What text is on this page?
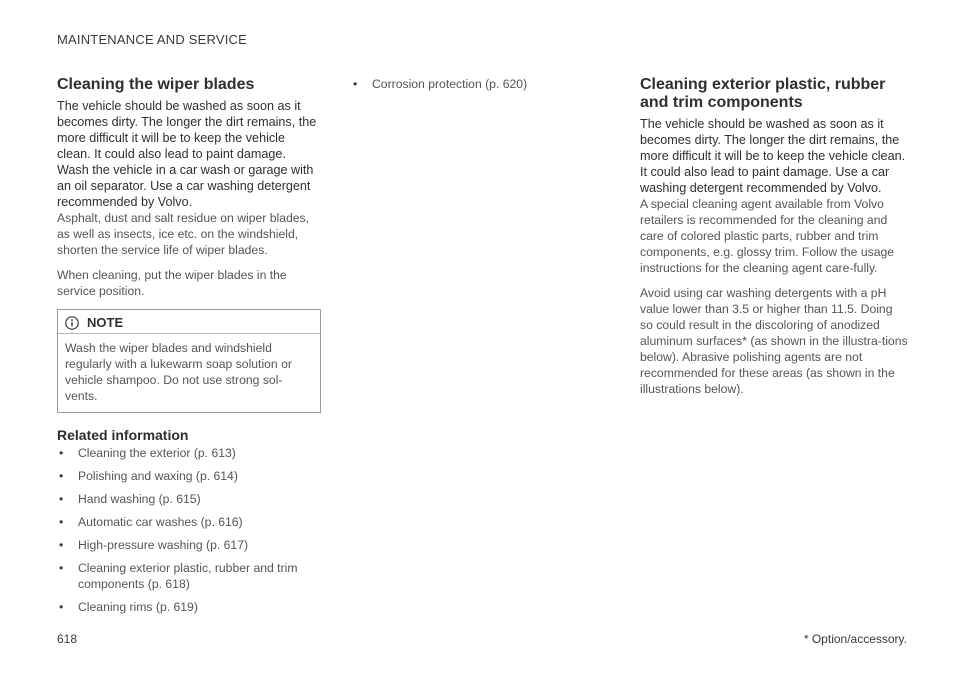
MAINTENANCE AND SERVICE
Cleaning the wiper blades

The vehicle should be washed as soon as it becomes dirty. The longer the dirt remains, the more difficult it will be to keep the vehicle clean. It could also lead to paint damage. Wash the vehicle in a car wash or garage with an oil separator. Use a car washing detergent recommended by Volvo.

Asphalt, dust and salt residue on wiper blades, as well as insects, ice etc. on the windshield, shorten the service life of wiper blades.

When cleaning, put the wiper blades in the service position.

NOTE
Wash the wiper blades and windshield regularly with a lukewarm soap solution or vehicle shampoo. Do not use strong sol-vents.
Related information
• Cleaning the exterior (p. 613)
• Polishing and waxing (p. 614)
• Hand washing (p. 615)
• Automatic car washes (p. 616)
• High-pressure washing (p. 617)
• Cleaning exterior plastic, rubber and trim components (p. 618)
• Cleaning rims (p. 619)
• Corrosion protection (p. 620)	Cleaning exterior plastic, rubber and trim components

The vehicle should be washed as soon as it becomes dirty. The longer the dirt remains, the more difficult it will be to keep the vehicle clean. It could also lead to paint damage. Use a car washing detergent recommended by Volvo.

A special cleaning agent available from Volvo retailers is recommended for the cleaning and care of colored plastic parts, rubber and trim components, e.g. glossy trim. Follow the usage instructions for the cleaning agent care-fully.

Avoid using car washing detergents with a pH value lower than 3.5 or higher than 11.5. Doing so could result in the discoloring of anodized aluminum surfaces* (as shown in the illustra-tions below). Abrasive polishing agents are not recommended for these areas (as shown in the illustrations below).

618	* Option/accessory.
